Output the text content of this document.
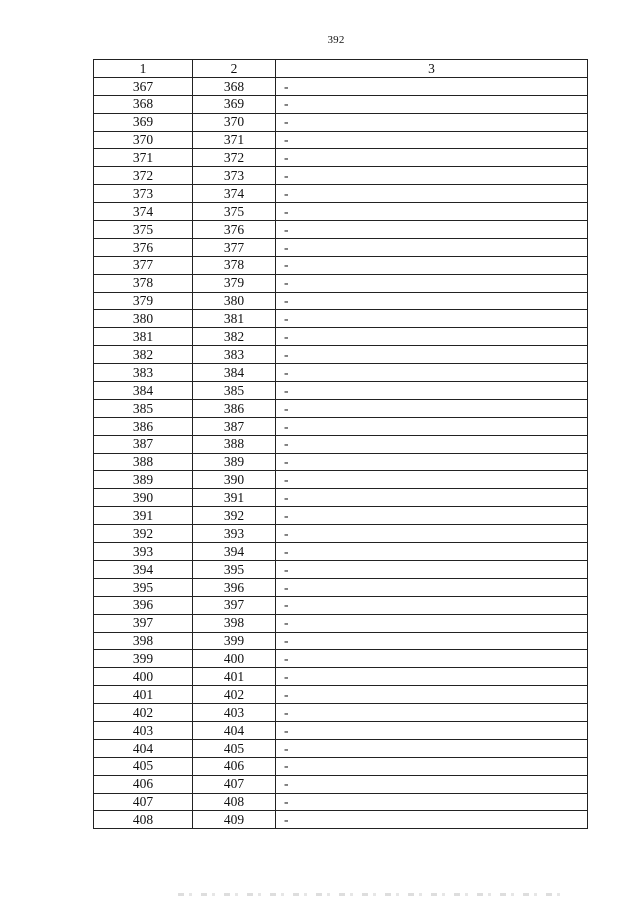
392
1	2	3
367	368	-
368	369	-
369	370	-
370	371	-
371	372	-
372	373	-
373	374	-
374	375	-
375	376	-
376	377	-
377	378	-
378	379	-
379	380	-
380	381	-
381	382	-
382	383	-
383	384	-
384	385	-
385	386	-
386	387	-
387	388	-
388	389	-
389	390	-
390	391	-
391	392	-
392	393	-
393	394	-
394	395	-
395	396	-
396	397	-
397	398	-
398	399	-
399	400	-
400	401	-
401	402	-
402	403	-
403	404	-
404	405	-
405	406	-
406	407	-
407	408	-
408	409	-
